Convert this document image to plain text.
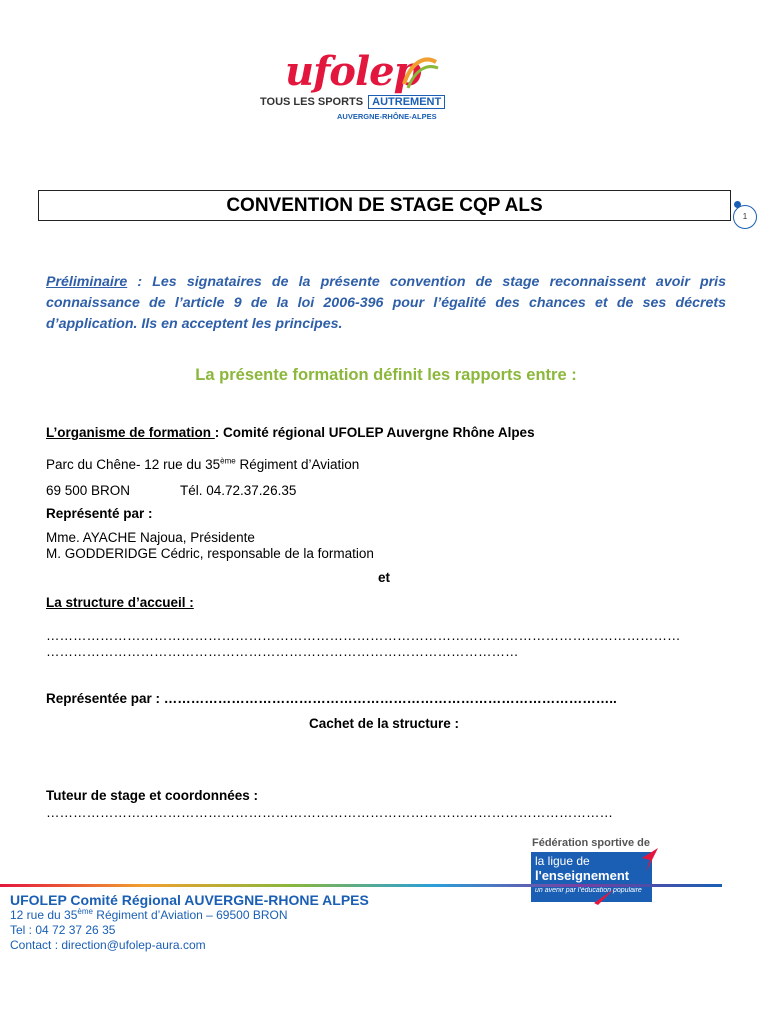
ufolep
TOUS LES SPORTS AUTREMENT
AUVERGNE-RHÔNE-ALPES
CONVENTION DE STAGE CQP ALS
1
Préliminaire : Les signataires de la présente convention de stage reconnaissent avoir pris connaissance de l’article 9 de la loi 2006-396 pour l’égalité des chances et de ses décrets d’application. Ils en acceptent les principes.
La présente formation définit les rapports entre :
L’organisme de formation : Comité régional UFOLEP Auvergne Rhône Alpes
Parc du Chêne- 12 rue du 35ème Régiment d’Aviation
69 500 BRON	Tél. 04.72.37.26.35
Représenté par :
Mme. AYACHE Najoua, Présidente
M. GODDERIDGE Cédric, responsable de la formation
et
La structure d’accueil :
……………………………………………………………………………………………………………………………
……………………………………………………………………………………………
Représentée par : ………………………………………………………………………………………..
Cachet de la structure :
Tuteur de stage et coordonnées :
………………………………………………………………………………………………………………
Fédération sportive de
la ligue de
l'enseignement
un avenir par l'éducation populaire
UFOLEP Comité Régional AUVERGNE-RHONE ALPES
12 rue du 35ème Régiment d’Aviation – 69500 BRON
Tel : 04 72 37 26 35
Contact : direction@ufolep-aura.com
